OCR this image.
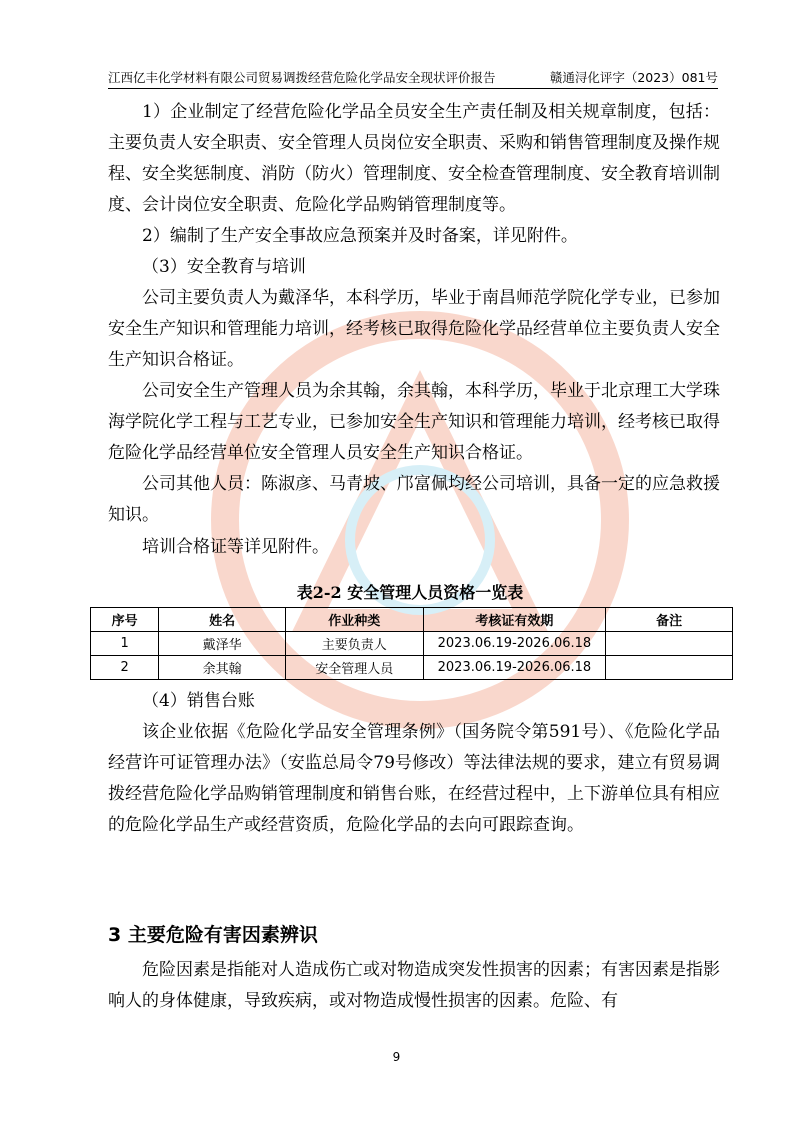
江西亿丰化学材料有限公司贸易调拨经营危险化学品安全现状评价报告	赣通浔化评字（2023）081号

1）企业制定了经营危险化学品全员安全生产责任制及相关规章制度，包括：主要负责人安全职责、安全管理人员岗位安全职责、采购和销售管理制度及操作规程、安全奖惩制度、消防（防火）管理制度、安全检查管理制度、安全教育培训制度、会计岗位安全职责、危险化学品购销管理制度等。

2）编制了生产安全事故应急预案并及时备案，详见附件。

（3）安全教育与培训

公司主要负责人为戴泽华，本科学历，毕业于南昌师范学院化学专业，已参加安全生产知识和管理能力培训，经考核已取得危险化学品经营单位主要负责人安全生产知识合格证。

公司安全生产管理人员为余其翰，余其翰，本科学历，毕业于北京理工大学珠海学院化学工程与工艺专业，已参加安全生产知识和管理能力培训，经考核已取得危险化学品经营单位安全管理人员安全生产知识合格证。

公司其他人员：陈淑彦、马青坡、邝富佩均经公司培训，具备一定的应急救援知识。

培训合格证等详见附件。

表2-2 安全管理人员资格一览表
序号	姓名	作业种类	考核证有效期	备注
1	戴泽华	主要负责人	2023.06.19-2026.06.18	
2	余其翰	安全管理人员	2023.06.19-2026.06.18	

（4）销售台账

该企业依据《危险化学品安全管理条例》（国务院令第591号）、《危险化学品经营许可证管理办法》（安监总局令79号修改）等法律法规的要求，建立有贸易调拨经营危险化学品购销管理制度和销售台账，在经营过程中，上下游单位具有相应的危险化学品生产或经营资质，危险化学品的去向可跟踪查询。

3 主要危险有害因素辨识

危险因素是指能对人造成伤亡或对物造成突发性损害的因素；有害因素是指影响人的身体健康，导致疾病，或对物造成慢性损害的因素。危险、有

9
